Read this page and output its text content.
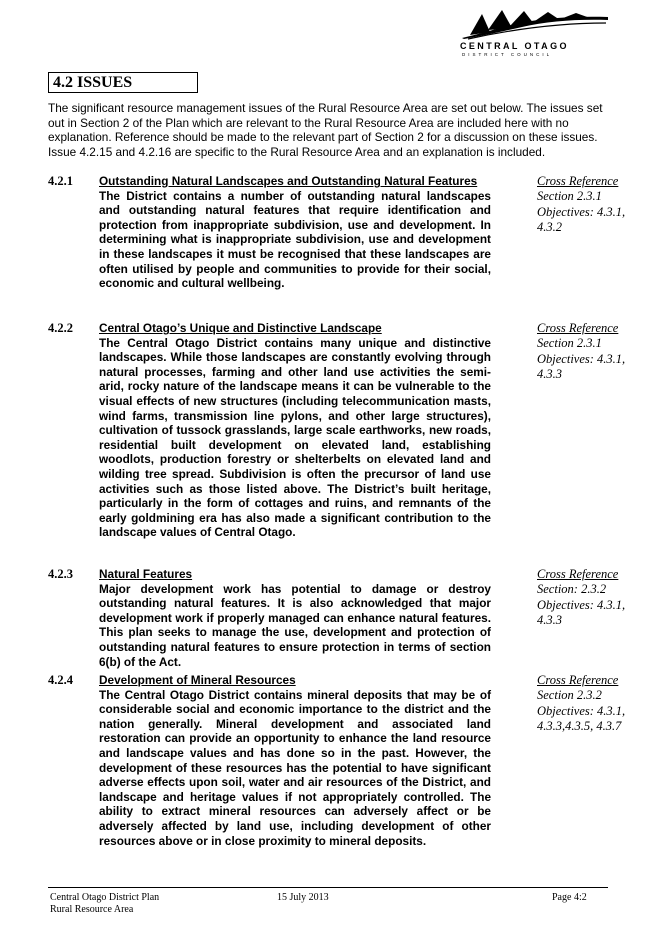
CENTRAL OTAGO
DISTRICT COUNCIL
4.2 ISSUES
The significant resource management issues of the Rural Resource Area are set out below. The issues set
out in Section 2 of the Plan which are relevant to the Rural Resource Area are included here with no
explanation. Reference should be made to the relevant part of Section 2 for a discussion on these issues.
Issue 4.2.15 and 4.2.16 are specific to the Rural Resource Area and an explanation is included.
4.2.1 Outstanding Natural Landscapes and Outstanding Natural Features
The District contains a number of outstanding natural landscapes and outstanding natural features that require identification and protection from inappropriate subdivision, use and development. In determining what is inappropriate subdivision, use and development in these landscapes it must be recognised that these landscapes are often utilised by people and communities to provide for their social, economic and cultural wellbeing.
Cross Reference
Section 2.3.1
Objectives: 4.3.1,
4.3.2
4.2.2 Central Otago’s Unique and Distinctive Landscape
The Central Otago District contains many unique and distinctive landscapes. While those landscapes are constantly evolving through natural processes, farming and other land use activities the semi-arid, rocky nature of the landscape means it can be vulnerable to the visual effects of new structures (including telecommunication masts, wind farms, transmission line pylons, and other large structures), cultivation of tussock grasslands, large scale earthworks, new roads, residential built development on elevated land, establishing woodlots, production forestry or shelterbelts on elevated land and wilding tree spread. Subdivision is often the precursor of land use activities such as those listed above. The District’s built heritage, particularly in the form of cottages and ruins, and remnants of the early goldmining era has also made a significant contribution to the landscape values of Central Otago.
Cross Reference
Section 2.3.1
Objectives: 4.3.1,
4.3.3
4.2.3 Natural Features
Major development work has potential to damage or destroy outstanding natural features. It is also acknowledged that major development work if properly managed can enhance natural features. This plan seeks to manage the use, development and protection of outstanding natural features to ensure protection in terms of section 6(b) of the Act.
Cross Reference
Section: 2.3.2
Objectives: 4.3.1,
4.3.3
4.2.4 Development of Mineral Resources
The Central Otago District contains mineral deposits that may be of considerable social and economic importance to the district and the nation generally. Mineral development and associated land restoration can provide an opportunity to enhance the land resource and landscape values and has done so in the past. However, the development of these resources has the potential to have significant adverse effects upon soil, water and air resources of the District, and landscape and heritage values if not appropriately controlled. The ability to extract mineral resources can adversely affect or be adversely affected by land use, including development of other resources above or in close proximity to mineral deposits.
Cross Reference
Section 2.3.2
Objectives: 4.3.1,
4.3.3,4.3.5, 4.3.7
Central Otago District Plan
Rural Resource Area
15 July 2013	Page 4:2
